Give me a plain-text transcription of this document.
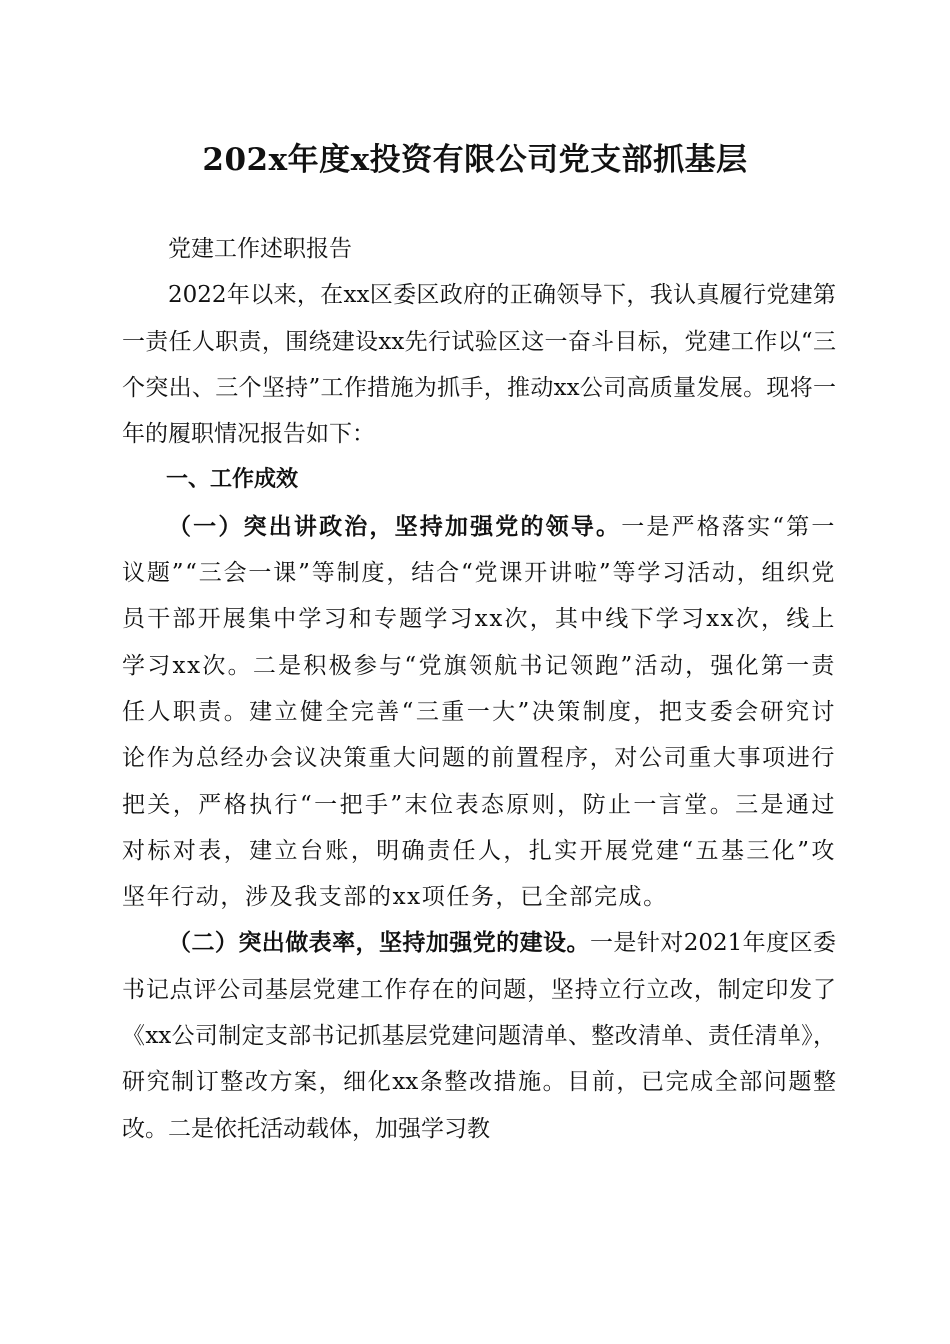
202x年度x投资有限公司党支部抓基层

党建工作述职报告

2022年以来，在xx区委区政府的正确领导下，我认真履行党建第一责任人职责，围绕建设xx先行试验区这一奋斗目标，党建工作以“三个突出、三个坚持”工作措施为抓手，推动xx公司高质量发展。现将一年的履职情况报告如下：

一、工作成效

（一）突出讲政治，坚持加强党的领导。一是严格落实“第一议题”“三会一课”等制度，结合“党课开讲啦”等学习活动，组织党员干部开展集中学习和专题学习xx次，其中线下学习xx次，线上学习xx次。二是积极参与“党旗领航书记领跑”活动，强化第一责任人职责。建立健全完善“三重一大”决策制度，把支委会研究讨论作为总经办会议决策重大问题的前置程序，对公司重大事项进行把关，严格执行“一把手”末位表态原则，防止一言堂。三是通过对标对表，建立台账，明确责任人，扎实开展党建“五基三化”攻坚年行动，涉及我支部的xx项任务，已全部完成。

（二）突出做表率，坚持加强党的建设。一是针对2021年度区委书记点评公司基层党建工作存在的问题，坚持立行立改，制定印发了《xx公司制定支部书记抓基层党建问题清单、整改清单、责任清单》，研究制订整改方案，细化xx条整改措施。目前，已完成全部问题整改。二是依托活动载体，加强学习教
